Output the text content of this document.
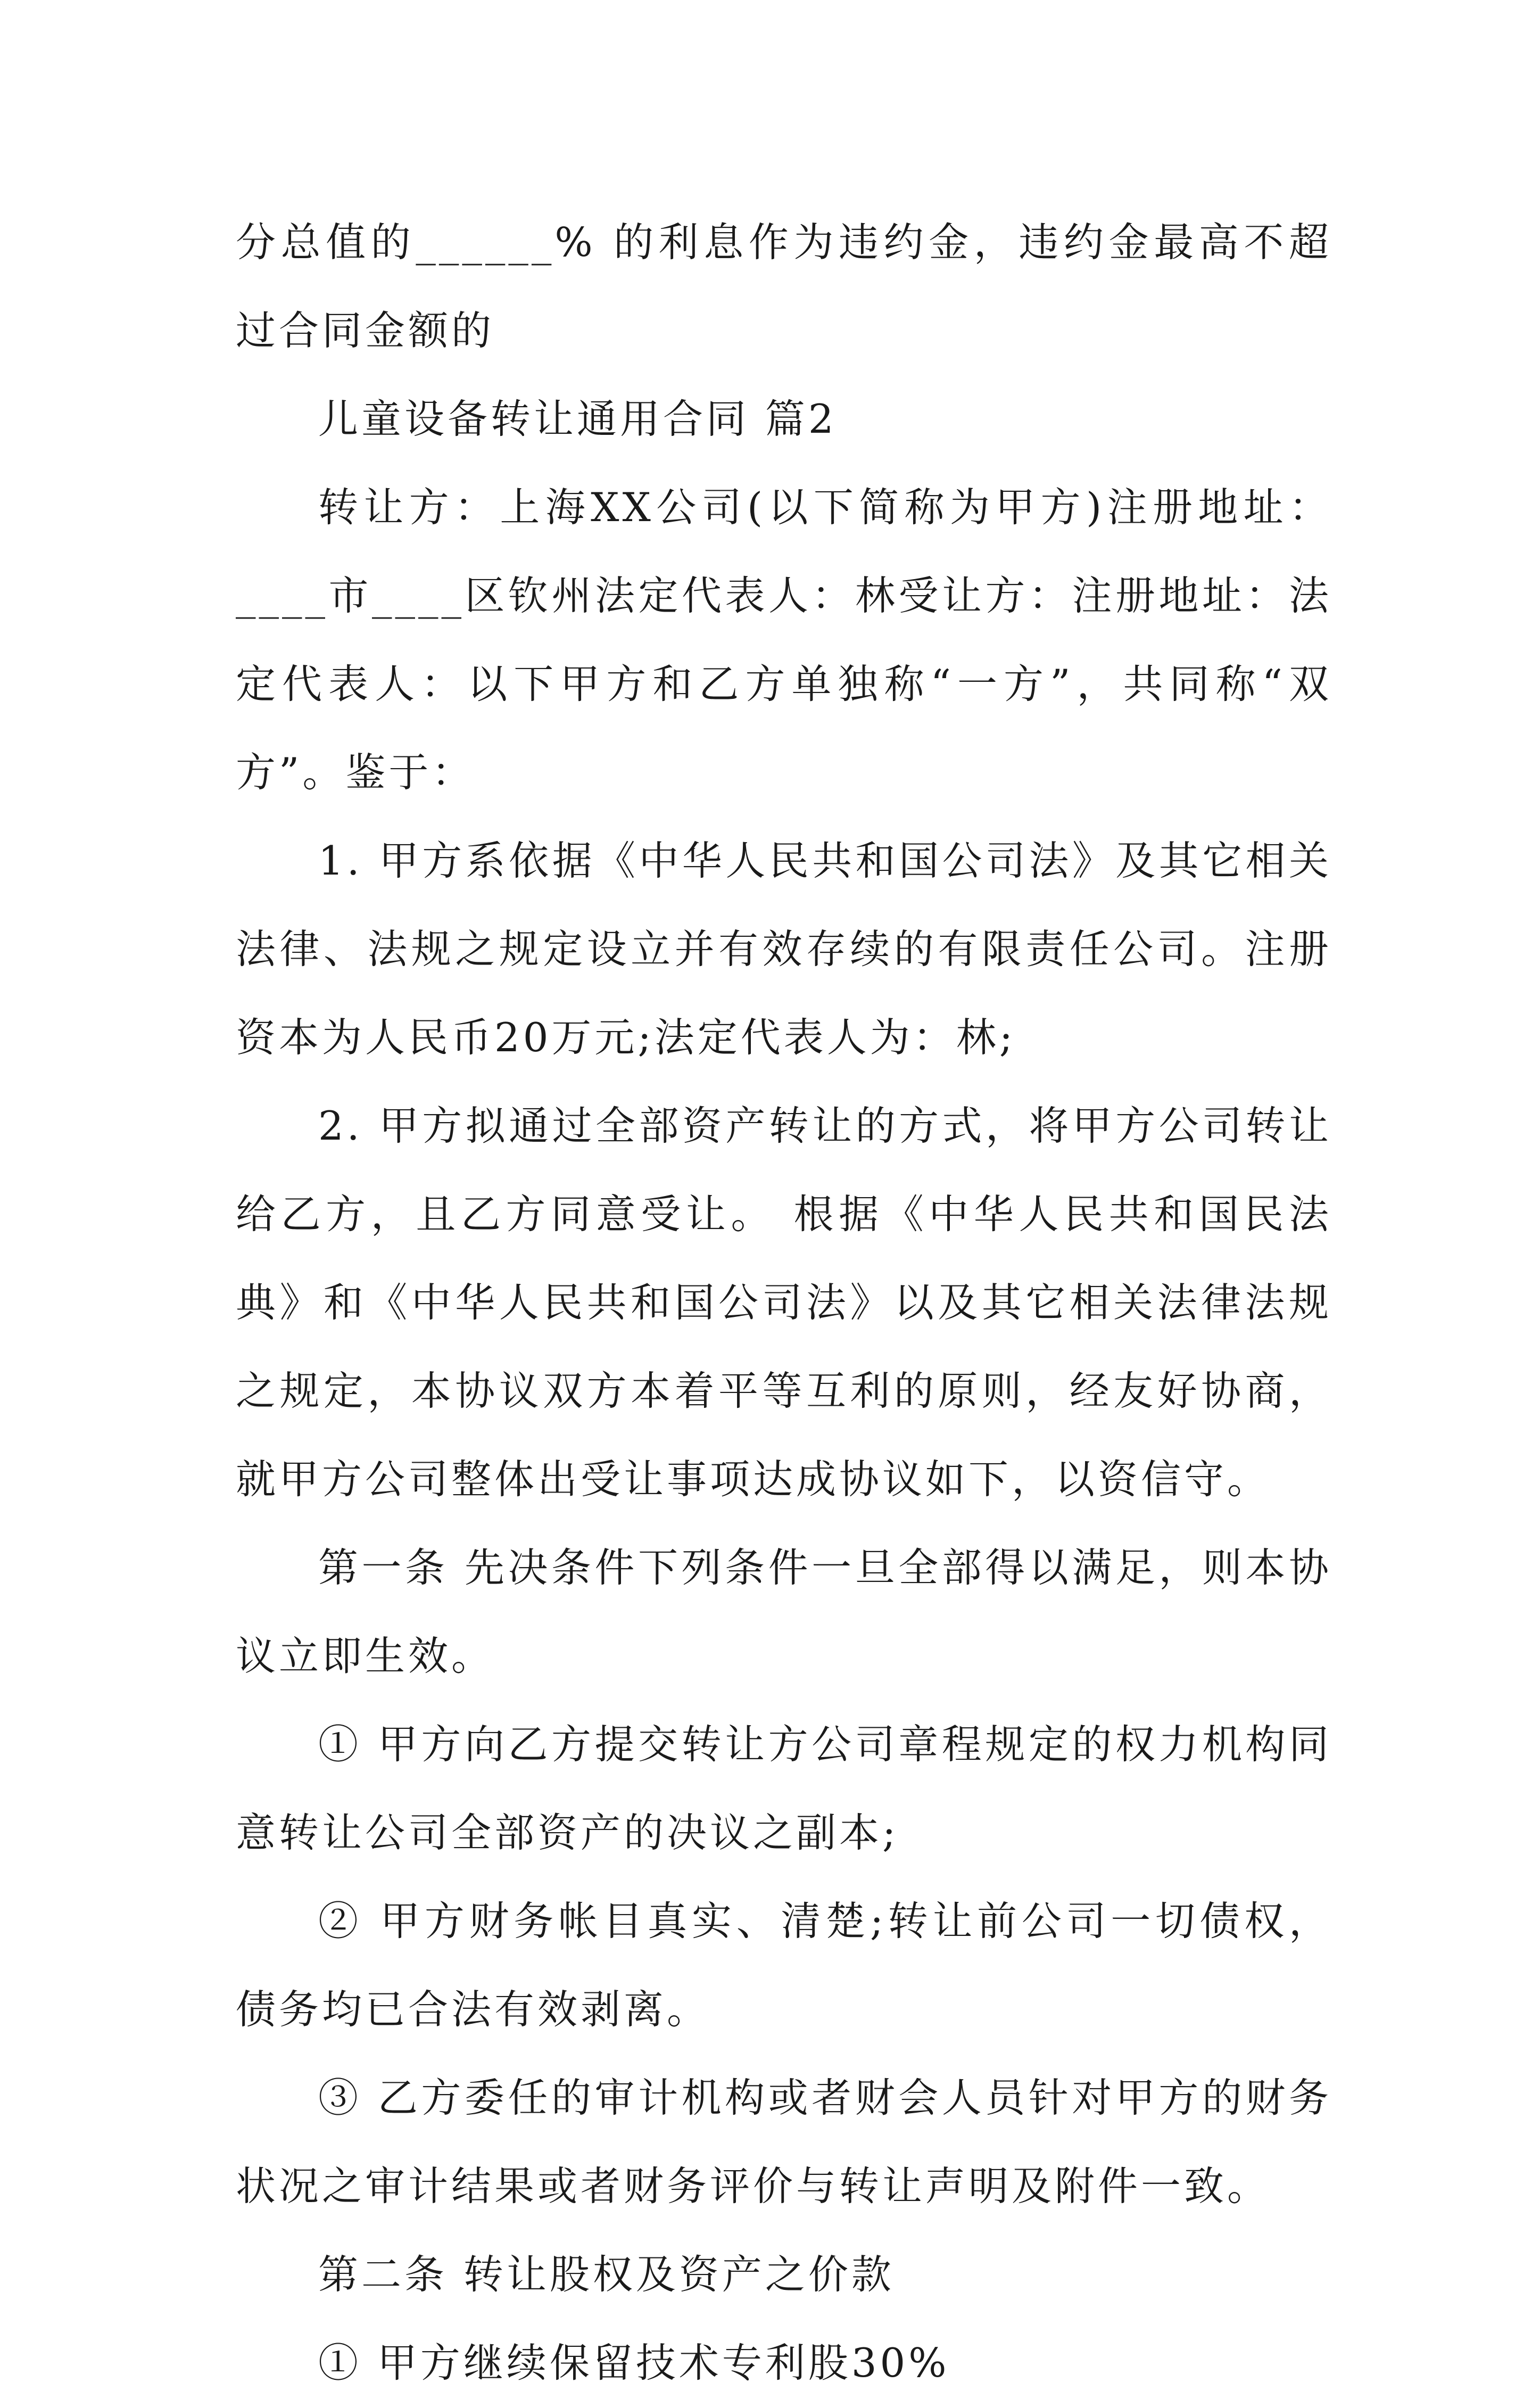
分总值的______% 的利息作为违约金，违约金最高不超过合同金额的

儿童设备转让通用合同 篇2

转让方：上海XX公司(以下简称为甲方)注册地址：____市____区钦州法定代表人：林受让方：注册地址：法定代表人：以下甲方和乙方单独称“一方”，共同称“双方”。鉴于：

1. 甲方系依据《中华人民共和国公司法》及其它相关法律、法规之规定设立并有效存续的有限责任公司。注册资本为人民币20万元;法定代表人为：林;

2. 甲方拟通过全部资产转让的方式，将甲方公司转让给乙方，且乙方同意受让。 根据《中华人民共和国民法典》和《中华人民共和国公司法》以及其它相关法律法规之规定，本协议双方本着平等互利的原则，经友好协商，就甲方公司整体出受让事项达成协议如下，以资信守。

第一条 先决条件下列条件一旦全部得以满足，则本协议立即生效。

① 甲方向乙方提交转让方公司章程规定的权力机构同意转让公司全部资产的决议之副本;

② 甲方财务帐目真实、清楚;转让前公司一切债权，债务均已合法有效剥离。

③ 乙方委任的审计机构或者财会人员针对甲方的财务状况之审计结果或者财务评价与转让声明及附件一致。

第二条 转让股权及资产之价款

① 甲方继续保留技术专利股30%
